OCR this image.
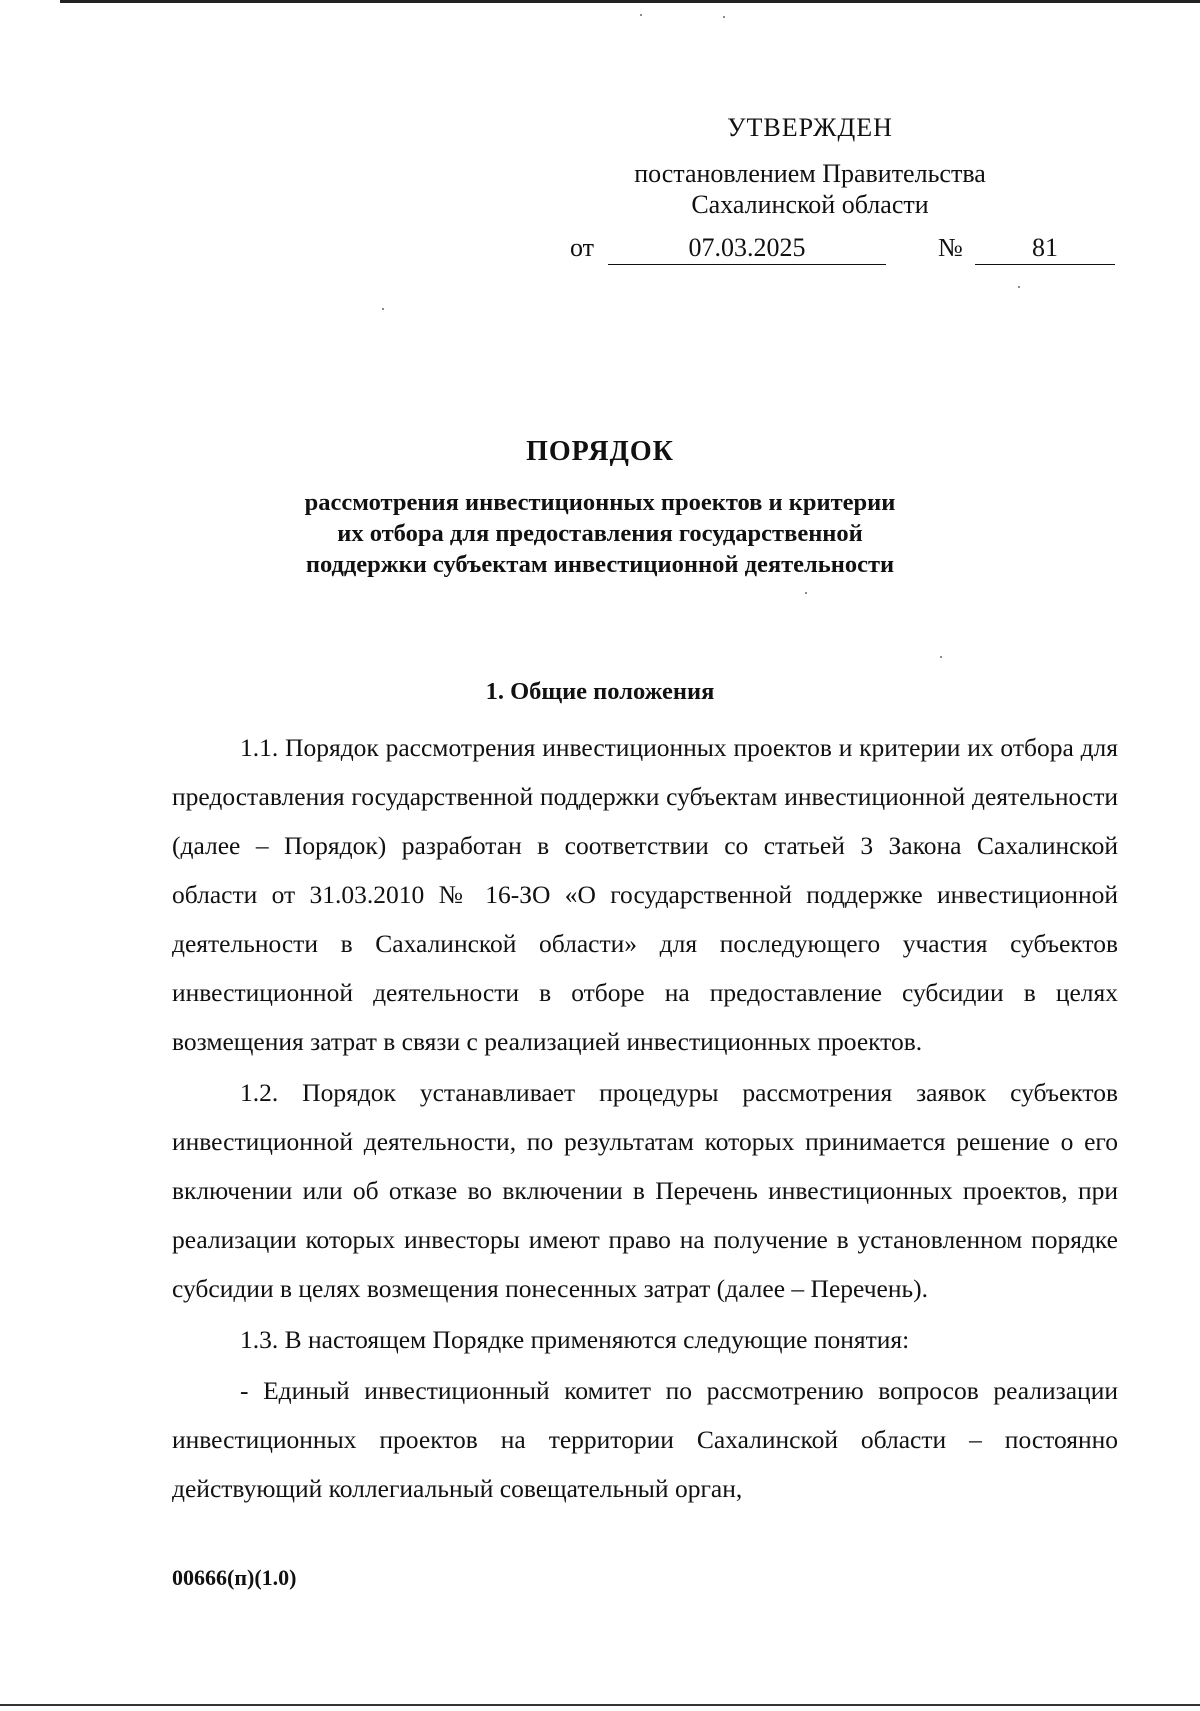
УТВЕРЖДЕН
постановлением Правительства
Сахалинской области
от	07.03.2025	№	81
ПОРЯДОК
рассмотрения инвестиционных проектов и критерии их отбора для предоставления государственной поддержки субъектам инвестиционной деятельности
1. Общие положения

1.1. Порядок рассмотрения инвестиционных проектов и критерии их отбора для предоставления государственной поддержки субъектам инвестиционной деятельности (далее – Порядок) разработан в соответствии со статьей 3 Закона Сахалинской области от 31.03.2010 № 16-ЗО «О государственной поддержке инвестиционной деятельности в Сахалинской области» для последующего участия субъектов инвестиционной деятельности в отборе на предоставление субсидии в целях возмещения затрат в связи с реализацией инвестиционных проектов.

1.2. Порядок устанавливает процедуры рассмотрения заявок субъектов инвестиционной деятельности, по результатам которых принимается решение о его включении или об отказе во включении в Перечень инвестиционных проектов, при реализации которых инвесторы имеют право на получение в установленном порядке субсидии в целях возмещения понесенных затрат (далее – Перечень).

1.3. В настоящем Порядке применяются следующие понятия:

- Единый инвестиционный комитет по рассмотрению вопросов реализации инвестиционных проектов на территории Сахалинской области – постоянно действующий коллегиальный совещательный орган,

00666(п)(1.0)
